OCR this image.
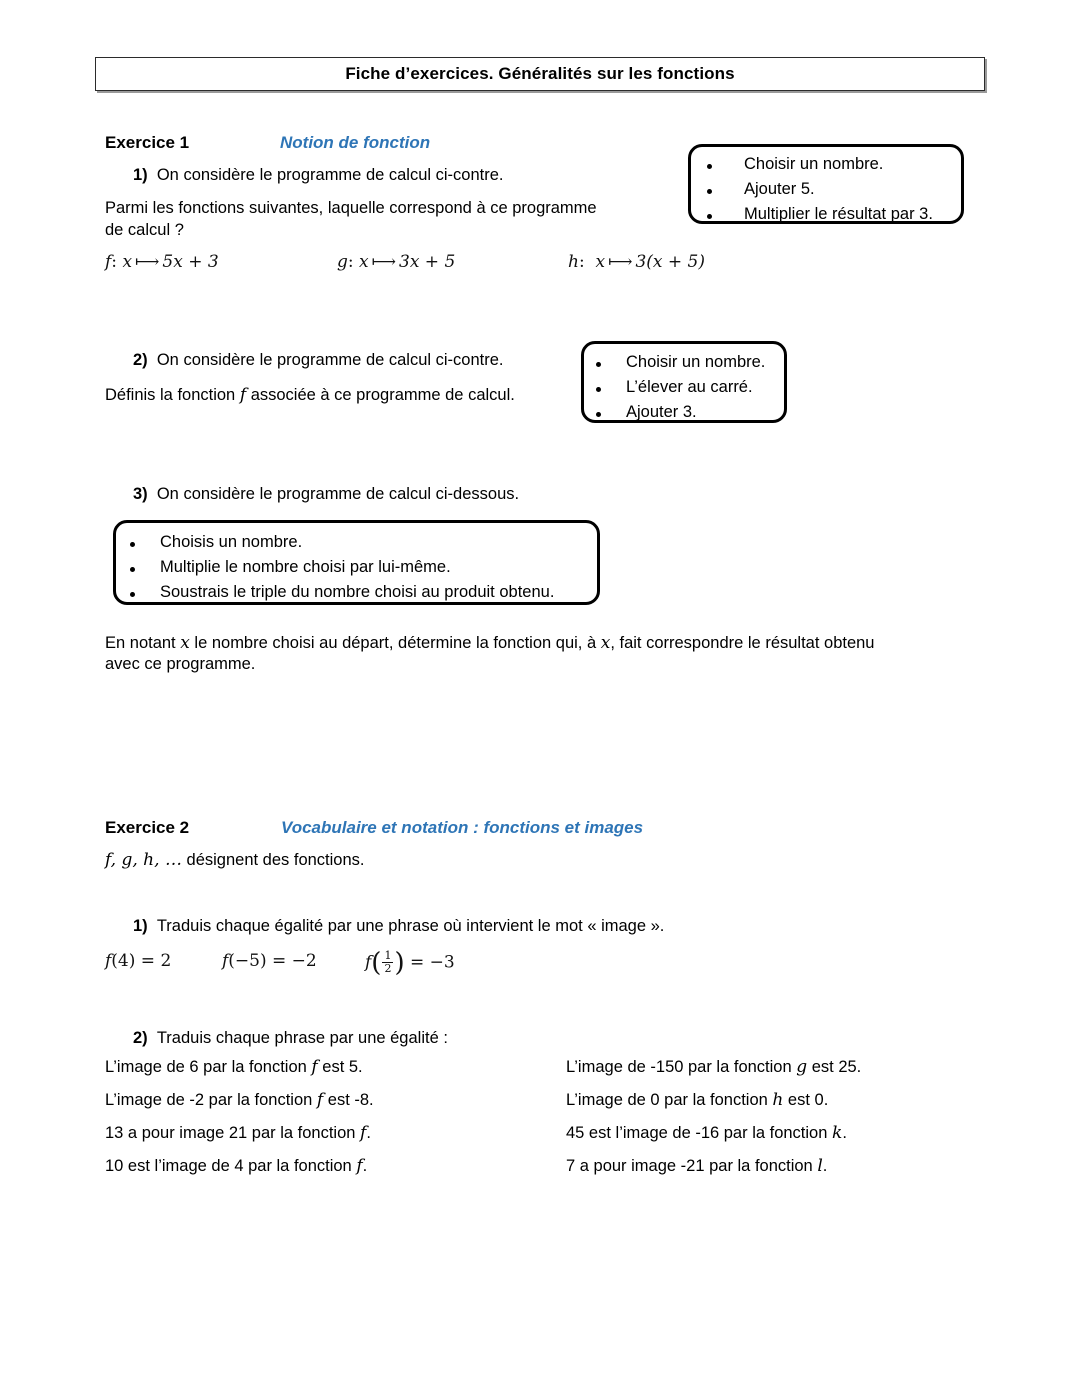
Fiche d’exercices. Généralités sur les fonctions
Exercice 1	Notion de fonction
1) On considère le programme de calcul ci-contre.
Parmi les fonctions suivantes, laquelle correspond à ce programme
de calcul ?
Choisir un nombre.
Ajouter 5.
Multiplier le résultat par 3.
f: x ⟼ 5x + 3	g: x ⟼ 3x + 5	h: x ⟼ 3(x + 5)
2) On considère le programme de calcul ci-contre.
Définis la fonction f associée à ce programme de calcul.
Choisir un nombre.
L’élever au carré.
Ajouter 3.
3) On considère le programme de calcul ci-dessous.
Choisis un nombre.
Multiplie le nombre choisi par lui-même.
Soustrais le triple du nombre choisi au produit obtenu.
En notant x le nombre choisi au départ, détermine la fonction qui, à x, fait correspondre le résultat obtenu
avec ce programme.
Exercice 2	Vocabulaire et notation : fonctions et images
f, g, h, … désignent des fonctions.
1) Traduis chaque égalité par une phrase où intervient le mot « image ».
f(4) = 2	f(−5) = −2	$f( \frac{1}{2}$ ) = −3
2) Traduis chaque phrase par une égalité :
L’image de 6 par la fonction f est 5.
L’image de -2 par la fonction f est -8.
13 a pour image 21 par la fonction f.
10 est l’image de 4 par la fonction f.
L’image de -150 par la fonction g est 25.
L’image de 0 par la fonction h est 0.
45 est l’image de -16 par la fonction k.
7 a pour image -21 par la fonction l.
